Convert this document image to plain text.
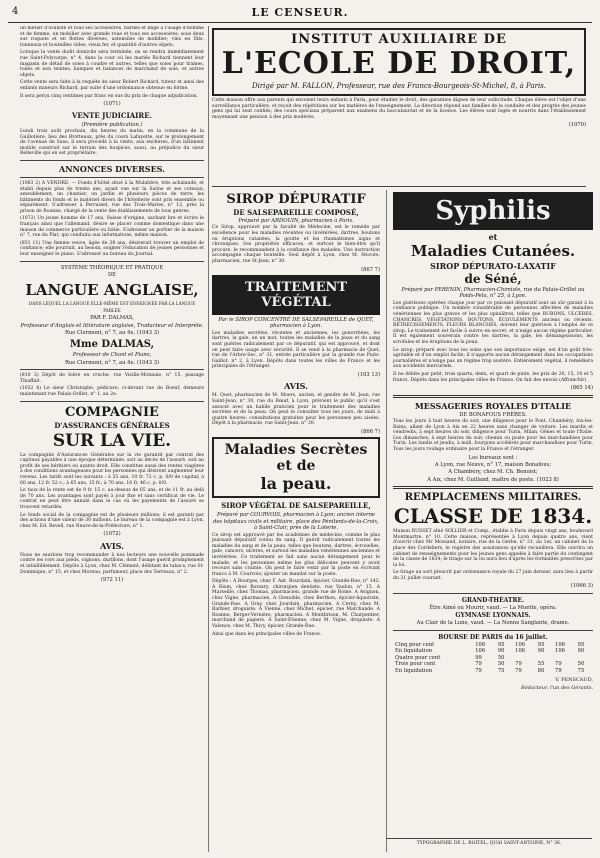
4	LE CENSEUR.

un métier d'ovaliste et tous ses accessoires, bardes et linge à l'usage d'homme et de femme, un mobilier avec grande roue et tous ses accessoires; sous deux sur roquets et en flottes diverses, ustensiles de mobilier; vins en fûts, tonneaux et bouteilles vides; vieux fer, et quantité d'autres objets.

Lorsque la vente dudit domicile sera terminée, on se rendra immédiatement rue Saint-Polycarpe, n° 4, dans la cour où les mariés Richard tiennent leur magasin de détail de soies à coudre et autres, telles que soies pour trames, toiles et non teintes; banques et balances de marchand de soie, et autres objets.

Cette vente sera faite à la requête du sieur Robert Richard, tuteur et ainsi des enfants mineurs Richard, par suite d'une ordonnance obtenue en forme.

Il sera perçu cinq centimes par franc en sus du prix de chaque adjudication.

(1071)
VENTE JUDICIAIRE.
(Première publication.)

Lundi trois août prochain, dix heures du matin, en la commune de la Guillotière, lieu des Brotteaux, près du cours Lafayette, sur le prolongement de l'avenue de Saxe, il sera procédé à la vente, aux enchères, d'un bâtiment mobile construit sur le terrain des hospices, aussi, au préjudice du sieur Belleville qui en est propriétaire.

ANNONCES DIVERSES.

(1063 2) A VENDRE. — Fonds d'hôtel situé à la Mulatière, très achalandé, et établi depuis plus de trente ans, ayant vue sur la Saône et ses coteaux; ameublement, un chantier, un jardin et plusieurs pièces de terre; les bâtiments du fonds et le matériel divers de l'hôtellerie sont pris ensemble ou séparément. S'adresser à Perrussel, rue des Trois-Maries, n° 12, près la prison de Roanne, chargé de la vente des établissements de tous genres.

(1072) Un jeune homme de 17 ans, Suisse d'origine, sachant lire et écrire le français ainsi que l'allemand, désire se placer comme domestique dans une maison de commerce particulière ou bâtie. S'adresser au portier de la maison n° 7, rue du Plat, qui conduira aux informations, même maison.

(851 11) Une femme veuve, âgée de 38 ans, désirerait trouver un emploi de confiance; elle pourrait, au besoin, soigner l'éducation de jeunes personnes et leur enseigner le piano. S'adresser au bureau du Journal.

SYSTÈME THÉORIQUE ET PRATIQUE
DE
LANGUE ANGLAISE,
DANS LEQUEL LA LANGUE ELLE-MÊME EST ENSEIGNÉE PAR LA LANGUE PARLÉE
PAR F. DALMAS,
Professeur d'Anglais et littérature anglaise, Traducteur et Interprète.
Rue Clermont, n° 7, au 4e. (1043 3)
Mme DALMAS,
Professeur de Chant et Piano,
Rue Clermont, n° 7, au 4e. (1043 3)

(810 3) Dépôt de bière en cruche, rue Vieille-Monnaie, n° 15, passage Thiaffait.

(1032 8) Le sieur Christophe, pédicure, ci-devant rue du Boeuf, demeure maintenant rue Palais-Grillet, n° 1, au 2e.

COMPAGNIE
D'ASSURANCES GÉNÉRALES
SUR LA VIE.

La compagnie d'Assurances Générales sur la vie garantit par contrat des capitaux payables à une époque déterminée, soit au décès de l'assuré, soit au profit de ses héritiers ou ayants droit. Elle constitue aussi des rentes viagères à des conditions avantageuses pour les personnes qui désirent augmenter leur revenu. Les tarifs sont les suivants : à 55 ans, 10 fr. 72 c. p. 0/0 de capital; à 60 ans, 12 fr. 52 c.; à 65 ans, 15 fr.; à 70 ans, 16 fr. 46 c. p. 0/0.

Le taux de la rente est de 9 fr. 15 c. au-dessus de 65 ans, et de 11 fr. au delà de 70 ans. Les avantages sont payés à jour fixe et sans certificat de vie. Le contrat ne peut être annulé dans le cas où les payements de l'assuré se trouvent retardés.

Le fonds social de la compagnie est de plusieurs millions; il est garanti par des actions d'une valeur de 30 millions. Le bureau de la compagnie est à Lyon, chez M. Ed. Reveil, rue Neuve-de-la-Préfecture, n° 1.

(1072)
AVIS.

Nous ne saurions trop recommander à nos lecteurs une nouvelle pommade contre les cors aux pieds, oignons, durillons, dont l'usage guérit promptement et infailliblement. Dépôts à Lyon, chez M. Clément, débitant de tabacs, rue St-Dominique, n° 15, et chez Moreau, parfumeur, place des Terreaux, n° 2.

(972 11)
INSTITUT AUXILIAIRE DE
L'ECOLE DE DROIT,
Dirigé par M. FALLON, Professeur, rue des Francs-Bourgeois-St-Michel, 8, à Paris.

Cette maison offre aux parents qui envoient leurs enfants à Paris, pour étudier le droit, des garanties dignes de leur sollicitude. Chaque élève est l'objet d'une surveillance particulière, et reçoit des répétitions sur les matières de l'enseignement. La direction répond aux familles de la conduite et des progrès des jeunes gens qui lui sont confiés; des cours spéciaux préparent aux examens du baccalauréat et de la licence. Les élèves sont logés et nourris dans l'établissement moyennant une pension à des prix modérés.

(1070)
SIROP DÉPURATIF
DE SALSEPAREILLE COMPOSÉ,
Préparé par ARDOUIN, pharmacien à Paris.

Ce Sirop, approuvé par la faculté de Médecine, est le remède par excellence pour les maladies récentes ou invétérées, dartres, boutons ou éruptions cutanées, la goutte et les rhumatismes aigus et chroniques. Ses propriétés efficaces, et surtout le bien-être qu'il procure, le recommandent à la confiance des malades. Une instruction accompagne chaque bouteille. Seul dépôt à Lyon, chez M. Mocors, pharmacien, rue St-Jean, n° 30.

(867 7)
TRAITEMENT
VÉGÉTAL
Par le SIROP CONCENTRÉ DE SALSEPAREILLE de QUET, pharmacien à Lyon.

Les maladies secrètes, récentes et anciennes, les gonorrhées, les dartres, la gale, en un mot, toutes les maladies de la peau et du sang sont guéries radicalement par ce dépuratif, qui est approuvé, et dont on peut faire usage avec sécurité. Il se vend à la pharmacie de Quet, rue de l'Arbre-Sec, n° 31, entrée particulière par la grande rue Puits-Gaillot, n° 2, à Lyon. Dépôts dans toutes les villes de France et les principales de l'étranger.

(103 13)
AVIS.

M. Quet, pharmacien de M. Moers, ancien, et gendre de M. Jean, rue Saint-Jean, n° 30, rue du Bœuf, à Lyon, prévient le public qu'il s'est associé avec un habile praticien pour le traitement des maladies secrètes et de la peau. On peut le consulter tous les jours, de midi à quatre heures; consultations gratuites pour les personnes peu aisées. Dépôt à la pharmacie, rue Saint-Jean, n° 30.

(866 7)
Maladies Secrètes et de
la peau.
SIROP VÉGÉTAL DE SALSEPAREILLE,
Préparé par COURVOIS, pharmacien à Lyon; ancien interne des hôpitaux civils et militaire, place des Pénitents-de-la-Croix, à Saint-Clair, près de la Loterie.

Ce sirop est approuvé par les académies de médecine, comme le plus puissant dépuratif connu du sang. Il guérit radicalement toutes les maladies du sang et de la peau, telles que boutons, dartres, écrouelles, gale, cancers, ulcères, et surtout les maladies vénériennes anciennes et invétérées. Ce traitement se fait sans aucun dérangement pour le malade, et les personnes même les plus délicates peuvent y avoir recours sans crainte. On peut le faire venir par la poste en écrivant franco à M. Courvois; ajouter un mandat sur la poste.

Dépôts : A Bourges, chez F. Ant. Bourdain, épicier, Grande-Rue, n° 143. A Riom, chez Borsary, chirurgien dentiste, rue Vaulon, n° 15. A Marseille, chez Thomas, pharmacien, grande rue de Rome. A Avignon, chez Vigne, pharmacien. A Grenoble, chez Berthon, épicier-liquoriste, Grande-Rue. A Gray, chez Jourdain, pharmacien. A Cerny, chez M. Barbier, droguiste. A Vienne, chez Michet, épicier, rue Marchande. A Roanne, Berger-Vernière, pharmacien. A Montbrison, M. Charpentier, marchand de papiers. A Saint-Étienne, chez M. Vigne, droguiste. A Valence, chez M. Thivy, épicier, Grande-Rue.

Ainsi que dans les principales villes de France.

Syphilis
et
Maladies Cutanées.
SIROP DÉPURATO-LAXATIF
de Séné,
Préparé par PERENIN, Pharmacien-Chimiste, rue du Palais-Grillet ou Poids-Pelu, n° 25, à Lyon.

Les guérisons opérées chaque jour par ce puissant dépuratif sont un sûr garant à la confiance publique. Un nombre considérable de personnes affectées de maladies vénériennes les plus graves et les plus opiniâtres, telles que BUBONS, ULCÈRES, CHANCRES, VÉGÉTATIONS, BOUTONS, ÉCOULEMENTS anciens ou récents, RÉTRÉCISSEMENTS, FLEURS BLANCHES, doivent leur guérison à l'emploi de ce sirop. Le traitement est facile à suivre en secret, et n'exige aucun régime particulier. Il est également souverain contre les dartres, la gale, les démangeaisons, les scrofules et les éruptions de la peau.

Le sirop, préparé avec tous les soins que son importance exige, est d'un goût très-agréable et d'un emploi facile; il n'apporte aucun dérangement dans les occupations journalières et n'exige pas un régime trop austère. Entièrement végétal, il remédiera aux accidents mercuriels.

Il ne débite par petit, trois quarts, demi, et quart de pinte, les prix de 20, 15, 10 et 5 francs. Dépôts dans les principales villes de France. On fait des envois (Affranchir).

(865 14)
MESSAGERIES ROYALES D'ITALIE
DE BONAFOUS FRÈRES.

Tous les jours à huit heures du soir, une diligence pour le Pont, Chambéry, Aix-les-Bains, allant de Lyon à Aix en 22 heures sans changer de voiture. Les mardis et vendredis, à sept heures du soir, diligence pour Turin, Milan, Gênes et toute l'Italie. Les dimanches, à sept heures du soir, chemin ou poste pour les marchandises pour Turin. Les lundis et jeudis, à midi, fourgons accélérés pour marchandises pour Turin. Tous les jours roulage ordinaire pour la France et l'étranger.

Les bureaux sont :
A Lyon, rue Neuve, n° 17, maison Bonafous;
A Chambéry, chez M. Ch. Benoist;
A Aix, chez M. Guilland, maître de poste. (1023 8)
REMPLACEMENS MILITAIRES.
CLASSE DE 1834.

Maison RUSSET aîné SOLLIER et Comp., établie à Paris depuis vingt ans, boulevard Montmartre, n° 10. Cette maison, représentée à Lyon depuis quatre ans, vient d'ouvrir chez Mr Mossand, notaire, rue de la Gerbe, n° 31, au 1er, un cabinet de la place des Cordeliers, le registre des assurances qu'elle recueillera. Elle ouvrira un cabinet de renseignements pour les jeunes gens appelés à faire partie du contingent de la classe de 1834; le tirage sur la loi aura lieu d'après les formalités prescrites par la loi.

Le tirage au sort prescrit par ordonnance royale du 27 juin dernier, aura lieu à partir du 31 juillet courant.

(1066 3)
GRAND-THÉATRE.
Être Aimé ou Mourir, vaud. — La Muette, opéra.
GYMNASE LYONNAIS.
Au Clair de la Lune, vaud. — La Nonne Sanglante, drame.
BOURSE DE PARIS du 16 juillet.
Cinq pour cent	106	95	106	95	106	95
En liquidation	106	90	106	90	106	90
Quatre pour cent	99	50				
Trois pour cent	79	50	79	55	79	50
En liquidation	79	75	79	80	79	75
V. PENSCAUD,
Rédacteur, l'un des Gérants.
TYPOGRAPHIE DE L. BOITEL, QUAI SAINT-ANTOINE, N° 36.
